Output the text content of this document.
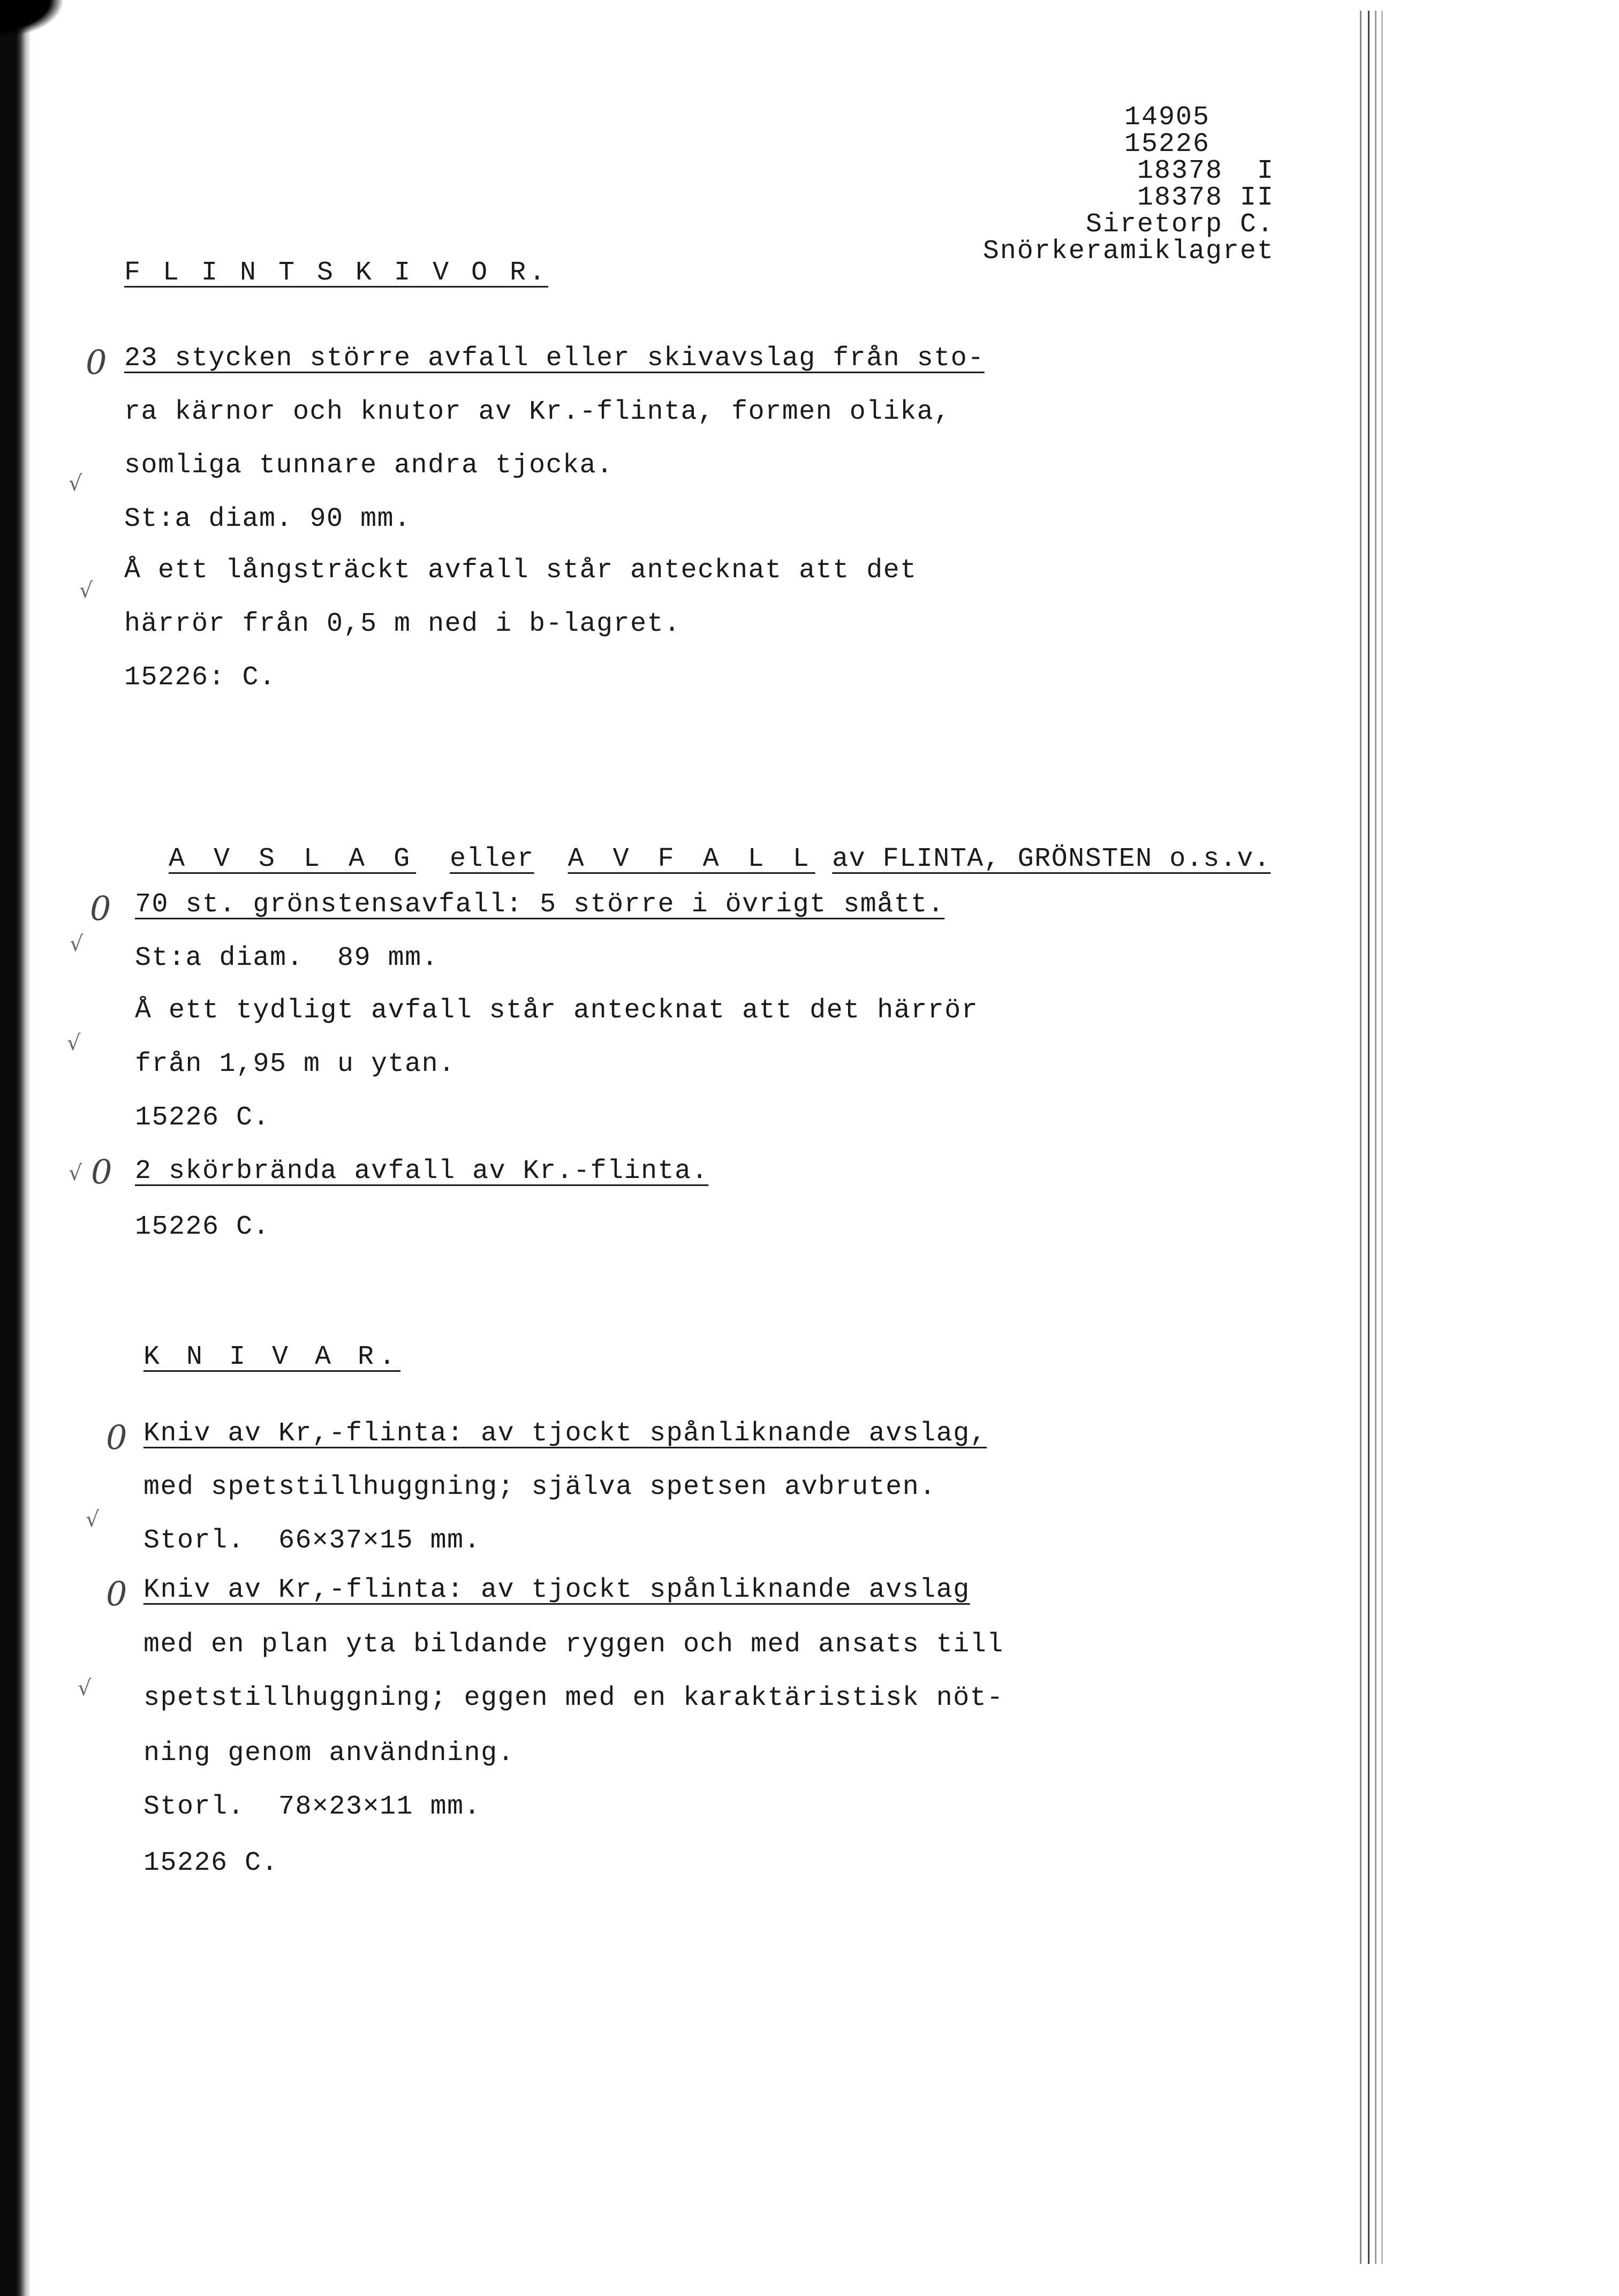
14905
15226
18378  I
18378 II
Siretorp C.
Snörkeramiklagret
F L I N T S K I V O R.
23 stycken större avfall eller skivavslag från sto-
ra kärnor och knutor av Kr.-flinta, formen olika,
somliga tunnare andra tjocka.
St:a diam. 90 mm.
Å ett långsträckt avfall står antecknat att det
härrör från 0,5 m ned i b-lagret.
15226: C.

A V S L A G eller A V F A L L av FLINTA, GRÖNSTEN o.s.v.

70 st. grönstensavfall: 5 större i övrigt smått.
St:a diam.  89 mm.
Å ett tydligt avfall står antecknat att det härrör
från 1,95 m u ytan.
15226 C.
2 skörbrända avfall av Kr.-flinta.
15226 C.
K N I V A R.
Kniv av Kr,-flinta: av tjockt spånliknande avslag,
med spetstillhuggning; själva spetsen avbruten.
Storl.  66×37×15 mm.
Kniv av Kr,-flinta: av tjockt spånliknande avslag
med en plan yta bildande ryggen och med ansats till
spetstillhuggning; eggen med en karaktäristisk nöt-
ning genom användning.
Storl.  78×23×11 mm.
15226 C.
0
√
√
0
√
√
√ 0
0
√
0
√
